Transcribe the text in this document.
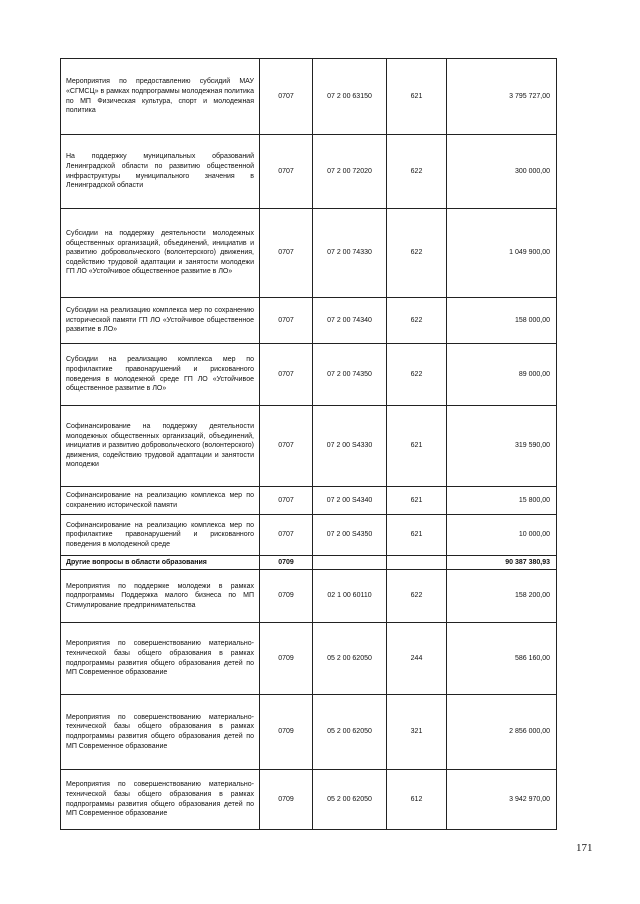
Мероприятия по предоставлению субсидий МАУ «СГМСЦ» в рамках подпрограммы молодежная политика по МП Физическая культура, спорт и молодежная политика	0707	07 2 00 63150	621	3 795 727,00
На поддержку муниципальных образований Ленинградской области по развитию общественной инфраструктуры муниципального значения в Ленинградской области	0707	07 2 00 72020	622	300 000,00
Субсидии на поддержку деятельности молодежных общественных организаций, объединений, инициатив и развитию добровольческого (волонтерского) движения, содействию трудовой адаптации и занятости молодежи ГП ЛО «Устойчивое общественное развитие в ЛО»	0707	07 2 00 74330	622	1 049 900,00
Субсидии на реализацию комплекса мер по сохранению исторической памяти ГП ЛО «Устойчивое общественное развитие в ЛО»	0707	07 2 00 74340	622	158 000,00
Субсидии на реализацию комплекса мер по профилактике правонарушений и рискованного поведения в молодежной среде ГП ЛО «Устойчивое общественное развитие в ЛО»	0707	07 2 00 74350	622	89 000,00
Софинансирование на поддержку деятельности молодежных общественных организаций, объединений, инициатив и развитию добровольческого (волонтерского) движения, содействию трудовой адаптации и занятости молодежи	0707	07 2 00 S4330	621	319 590,00
Софинансирование на реализацию комплекса мер по сохранению исторической памяти	0707	07 2 00 S4340	621	15 800,00
Софинансирование на реализацию комплекса мер по профилактике правонарушений и рискованного поведения в молодежной среде	0707	07 2 00 S4350	621	10 000,00
Другие вопросы в области образования	0709			90 387 380,93
Мероприятия по поддержке молодежи в рамках подпрограммы Поддержка малого бизнеса по МП Стимулирование предпринимательства	0709	02 1 00 60110	622	158 200,00
Мероприятия по совершенствованию материально-технической базы общего образования в рамках подпрограммы развития общего образования детей по МП Современное образование	0709	05 2 00 62050	244	586 160,00
Мероприятия по совершенствованию материально-технической базы общего образования в рамках подпрограммы развития общего образования детей по МП Современное образование	0709	05 2 00 62050	321	2 856 000,00
Мероприятия по совершенствованию материально-технической базы общего образования в рамках подпрограммы развития общего образования детей по МП Современное образование	0709	05 2 00 62050	612	3 942 970,00
171
